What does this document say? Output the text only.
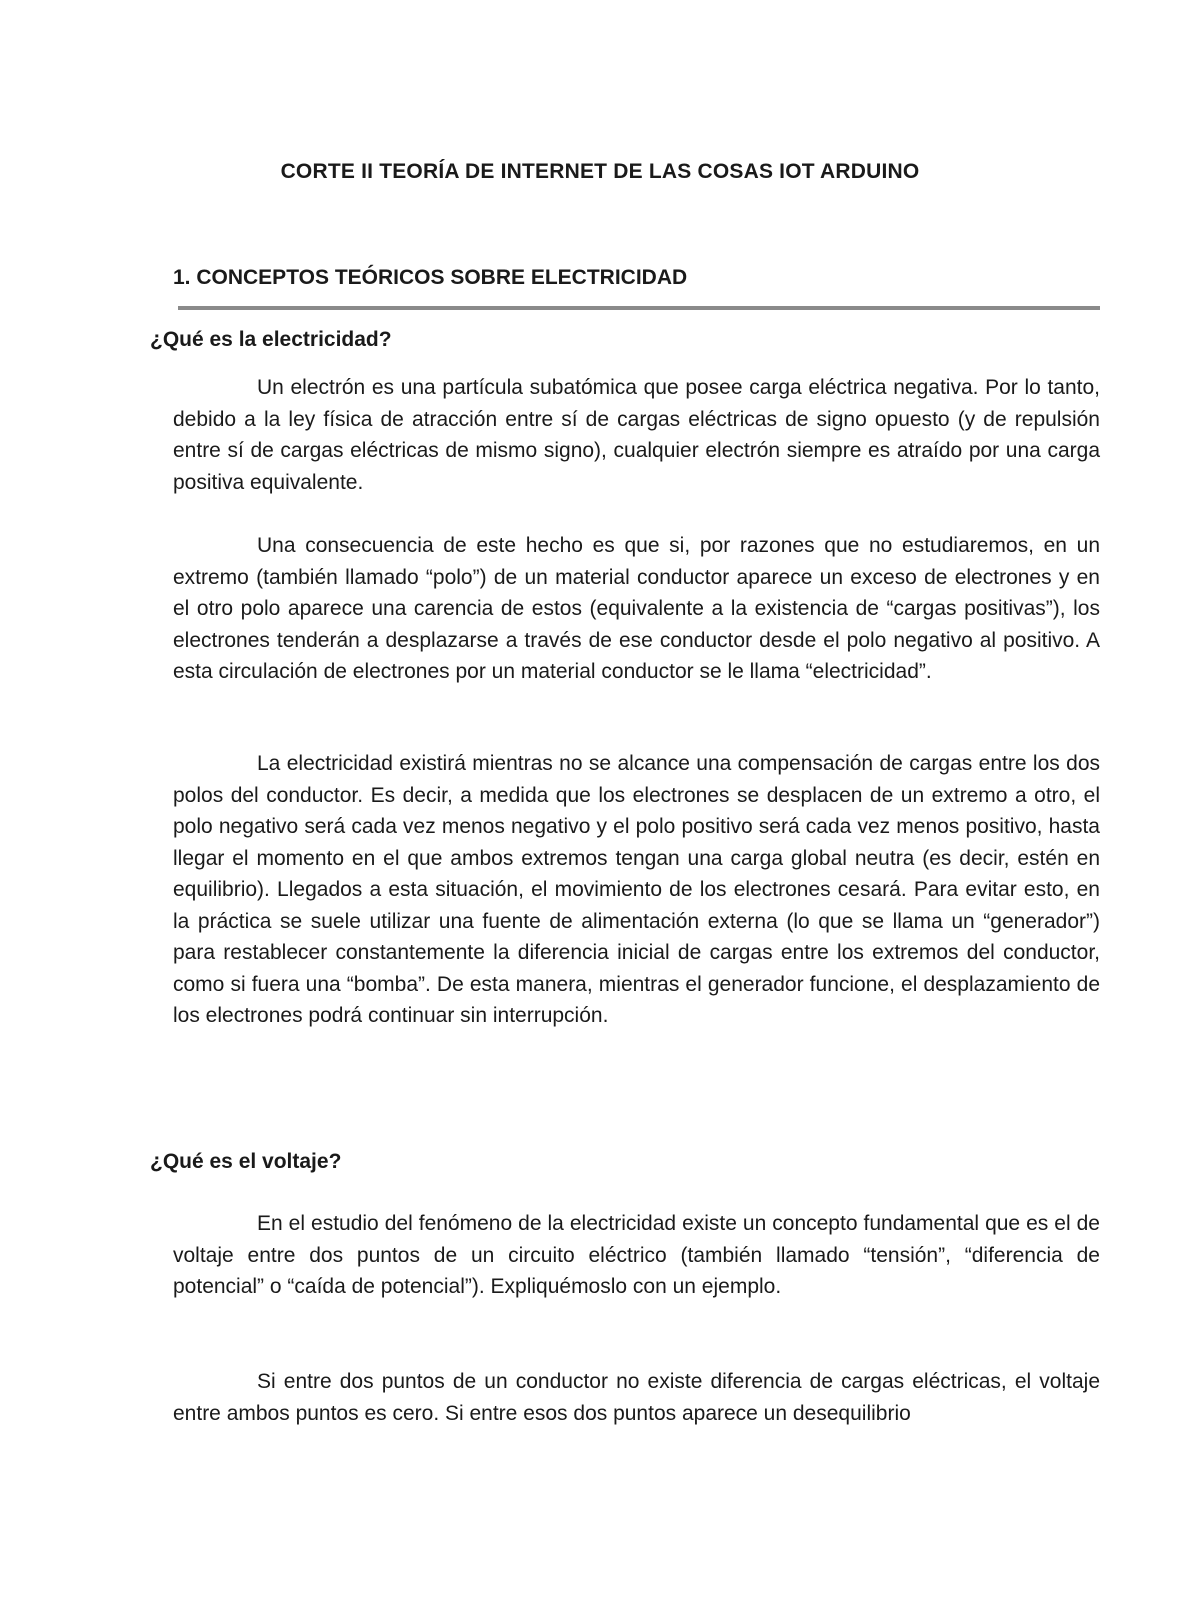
CORTE II TEORÍA DE INTERNET DE LAS COSAS IOT ARDUINO
1. CONCEPTOS TEÓRICOS SOBRE ELECTRICIDAD
¿Qué es la electricidad?

Un electrón es una partícula subatómica que posee carga eléctrica negativa. Por lo tanto, debido a la ley física de atracción entre sí de cargas eléctricas de signo opuesto (y de repulsión entre sí de cargas eléctricas de mismo signo), cualquier electrón siempre es atraído por una carga positiva equivalente.

Una consecuencia de este hecho es que si, por razones que no estudiaremos, en un extremo (también llamado “polo”) de un material conductor aparece un exceso de electrones y en el otro polo aparece una carencia de estos (equivalente a la existencia de “cargas positivas”), los electrones tenderán a desplazarse a través de ese conductor desde el polo negativo al positivo. A esta circulación de electrones por un material conductor se le llama “electricidad”.

La electricidad existirá mientras no se alcance una compensación de cargas entre los dos polos del conductor. Es decir, a medida que los electrones se desplacen de un extremo a otro, el polo negativo será cada vez menos negativo y el polo positivo será cada vez menos positivo, hasta llegar el momento en el que ambos extremos tengan una carga global neutra (es decir, estén en equilibrio). Llegados a esta situación, el movimiento de los electrones cesará. Para evitar esto, en la práctica se suele utilizar una fuente de alimentación externa (lo que se llama un “generador”) para restablecer constantemente la diferencia inicial de cargas entre los extremos del conductor, como si fuera una “bomba”. De esta manera, mientras el generador funcione, el desplazamiento de los electrones podrá continuar sin interrupción.

¿Qué es el voltaje?

En el estudio del fenómeno de la electricidad existe un concepto fundamental que es el de voltaje entre dos puntos de un circuito eléctrico (también llamado “tensión”, “diferencia de potencial” o “caída de potencial”). Expliquémoslo con un ejemplo.

Si entre dos puntos de un conductor no existe diferencia de cargas eléctricas, el voltaje entre ambos puntos es cero. Si entre esos dos puntos aparece un desequilibrio
